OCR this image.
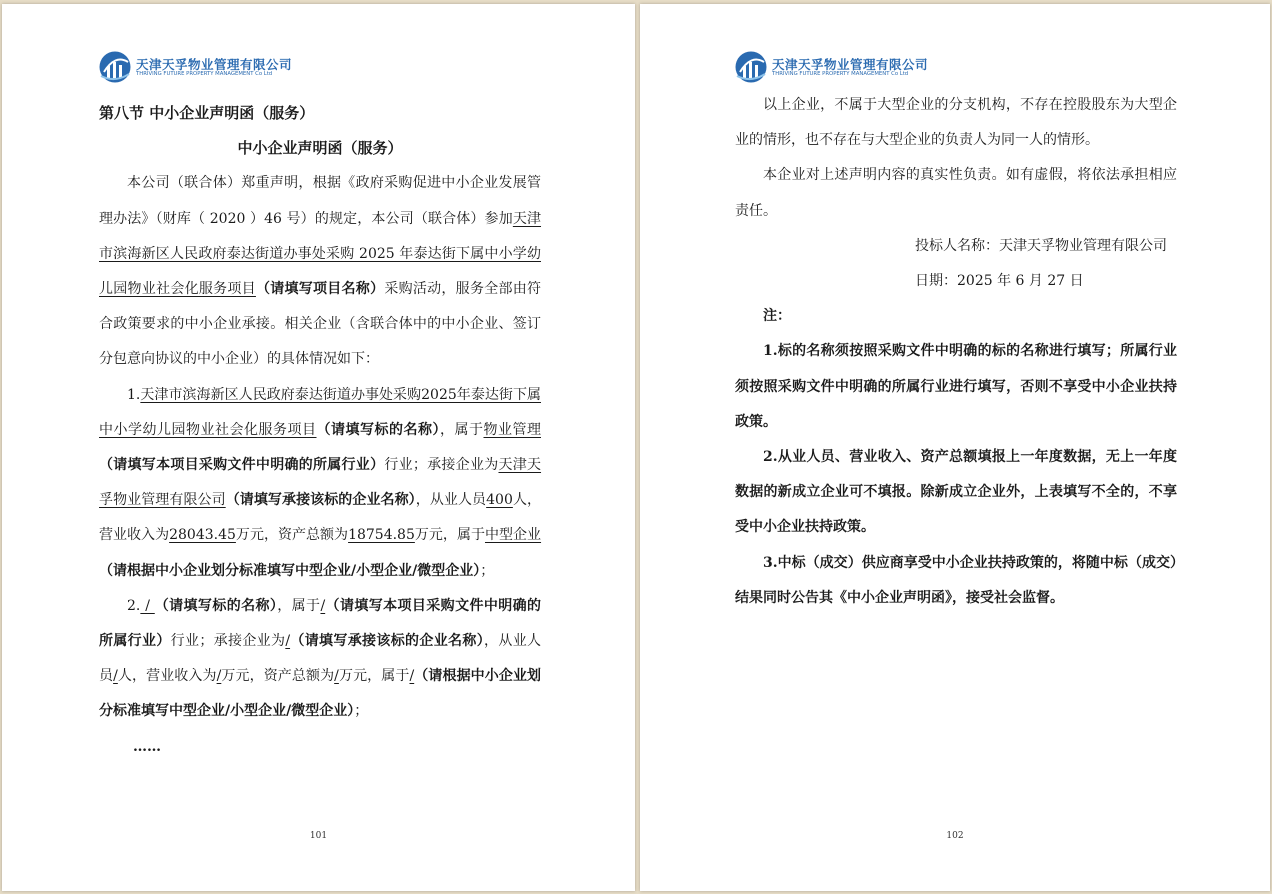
天津天孚物业管理有限公司
THRIVING FUTURE PROPERTY MANAGEMENT Co Ltd

第八节 中小企业声明函（服务）

中小企业声明函（服务）

本公司（联合体）郑重声明，根据《政府采购促进中小企业发展管理办法》（财库（ 2020 ）46 号）的规定，本公司（联合体）参加天津市滨海新区人民政府泰达街道办事处采购 2025 年泰达街下属中小学幼儿园物业社会化服务项目（请填写项目名称）采购活动，服务全部由符合政策要求的中小企业承接。相关企业（含联合体中的中小企业、签订分包意向协议的中小企业）的具体情况如下：

1.天津市滨海新区人民政府泰达街道办事处采购2025年泰达街下属中小学幼儿园物业社会化服务项目（请填写标的名称），属于物业管理（请填写本项目采购文件中明确的所属行业）行业；承接企业为天津天孚物业管理有限公司（请填写承接该标的企业名称），从业人员400人，营业收入为28043.45万元，资产总额为18754.85万元，属于中型企业（请根据中小企业划分标准填写中型企业/小型企业/微型企业）；

2. / （请填写标的名称），属于/（请填写本项目采购文件中明确的所属行业）行业；承接企业为/（请填写承接该标的企业名称），从业人员/人，营业收入为/万元，资产总额为/万元，属于/（请根据中小企业划分标准填写中型企业/小型企业/微型企业）；

……

101
天津天孚物业管理有限公司
THRIVING FUTURE PROPERTY MANAGEMENT Co Ltd

以上企业，不属于大型企业的分支机构，不存在控股股东为大型企业的情形，也不存在与大型企业的负责人为同一人的情形。

本企业对上述声明内容的真实性负责。如有虚假，将依法承担相应责任。

投标人名称：天津天孚物业管理有限公司

日期：2025 年 6 月 27 日

注：

1.标的名称须按照采购文件中明确的标的名称进行填写；所属行业须按照采购文件中明确的所属行业进行填写，否则不享受中小企业扶持政策。

2.从业人员、营业收入、资产总额填报上一年度数据，无上一年度数据的新成立企业可不填报。除新成立企业外，上表填写不全的，不享受中小企业扶持政策。

3.中标（成交）供应商享受中小企业扶持政策的，将随中标（成交）结果同时公告其《中小企业声明函》，接受社会监督。

102
